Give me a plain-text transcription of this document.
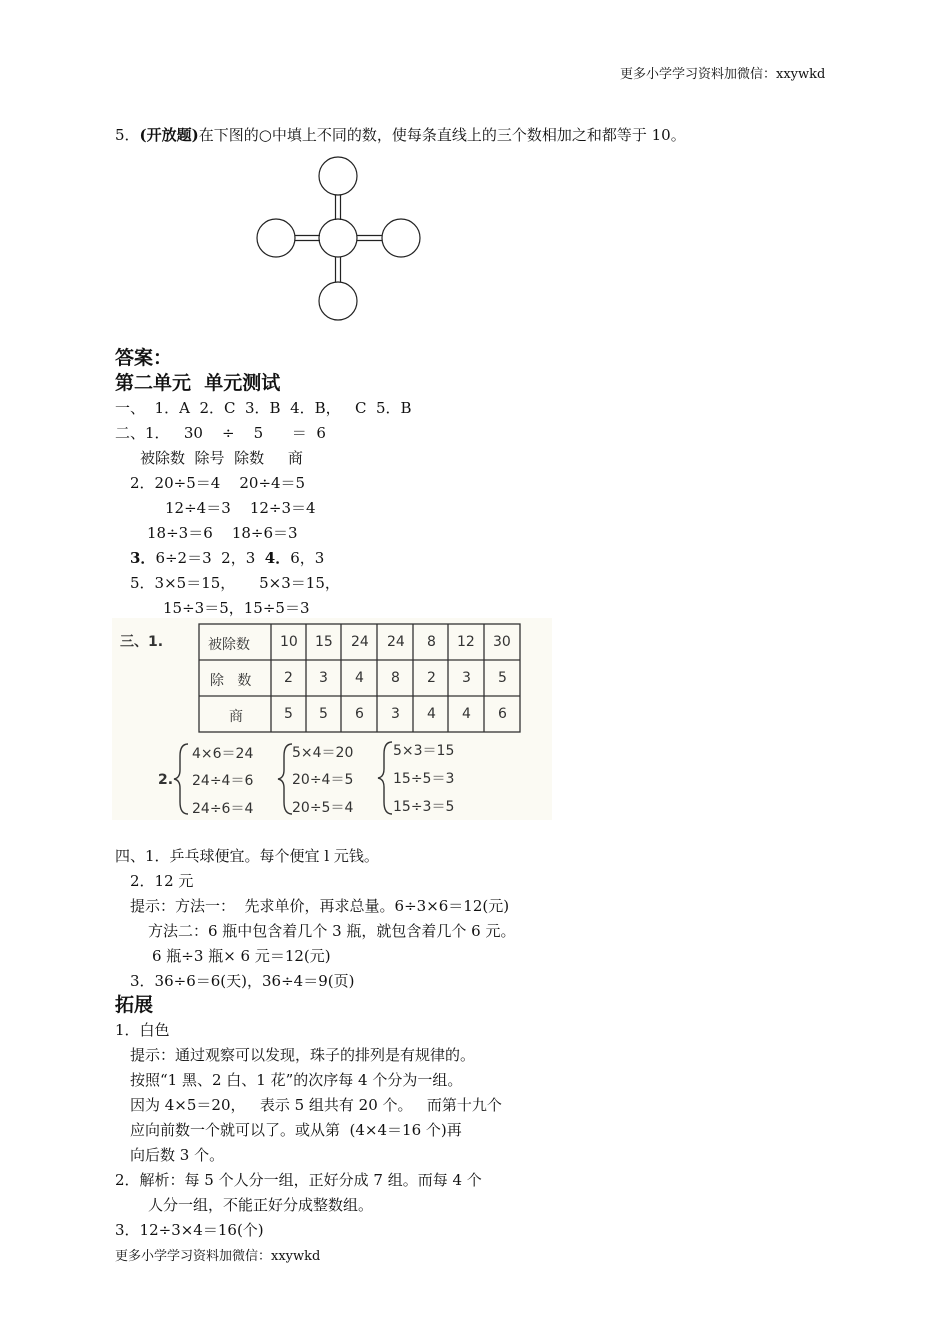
更多小学学习资料加微信：xxywkd
5．(开放题)在下图的○中填上不同的数，使每条直线上的三个数相加之和都等于 10。
答案：
第二单元  单元测试
一、  1．A  2．C  3．B  4．B，   C  5．B
二、1．   30    ÷    5      ＝  6
被除数  除号  除数     商
2．20÷5＝4    20÷4＝5
12÷4＝3    12÷3＝4
18÷3＝6    18÷6＝3
3．6÷2＝3  2，3  4．6，3
5．3×5＝15，     5×3＝15，
15÷3＝5，15÷5＝3
三、1.	被除数
除   数
商
10 15 24 24 8 12 30
2 3 4 8 2 3 5
5 5 6 3 4 4 6
2.
4×6＝24
24÷4＝6
24÷6＝4
5×4＝20
20÷4＝5
20÷5＝4
5×3＝15
15÷5＝3
15÷3＝5
四、1．乒乓球便宜。每个便宜 l 元钱。
2．12 元
提示：方法一：  先求单价，再求总量。6÷3×6＝12(元)
方法二：6 瓶中包含着几个 3 瓶，就包含着几个 6 元。
6 瓶÷3 瓶× 6 元＝12(元)
3．36÷6＝6(天)，36÷4＝9(页)
拓展
1．白色
提示：通过观察可以发现，珠子的排列是有规律的。
按照“1 黑、2 白、1 花”的次序每 4 个分为一组。
因为 4×5＝20，   表示 5 组共有 20 个。   而第十九个
应向前数一个就可以了。或从第  (4×4＝16 个)再
向后数 3 个。
2．解析：每 5 个人分一组，正好分成 7 组。而每 4 个
人分一组，不能正好分成整数组。
3．12÷3×4＝16(个)
更多小学学习资料加微信：xxywkd
